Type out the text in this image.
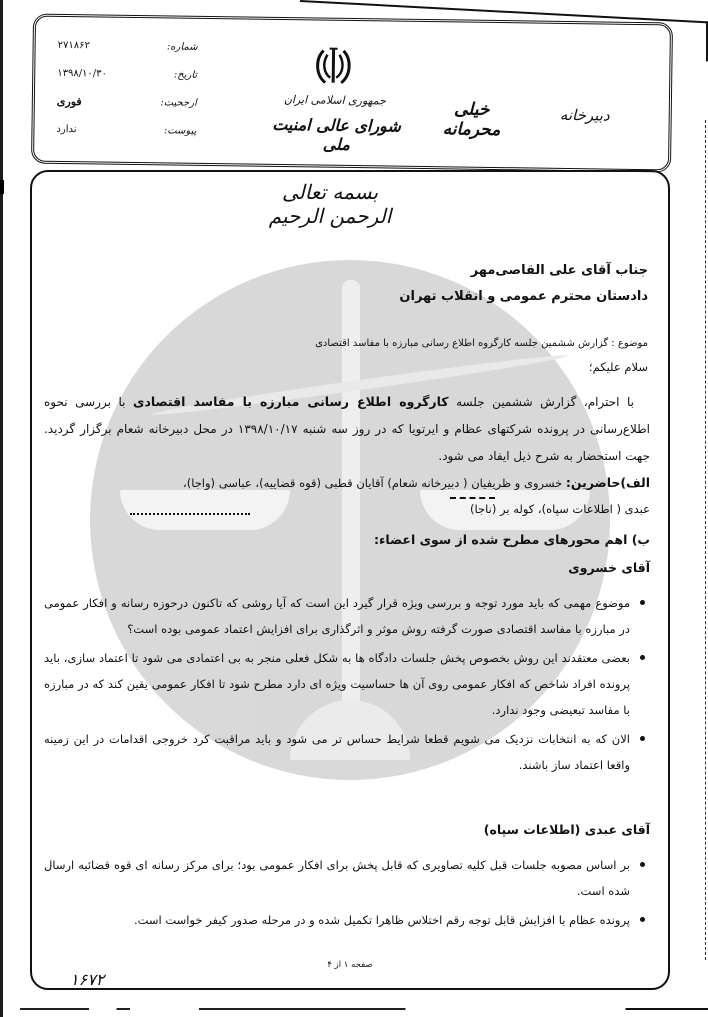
شماره:
۲۷۱۸۶۲
تاریخ:
۱۳۹۸/۱۰/۳۰
ارجحیت:
فوری
پیوست:
ندارد
جمهوری اسلامی ایران
شورای عالی امنیت ملی
خیلی محرمانه
دبیرخانه
بسمه تعالی الرحمن الرحیم
جناب آقای علی القاصی‌مهر
دادستان محترم عمومی و انقلاب تهران
موضوع : گزارش ششمین جلسه کارگروه اطلاع رسانی مبارزه با مفاسد اقتصادی
سلام علیکم؛
با احترام، گزارش ششمین جلسه کارگروه اطلاع رسانی مبارزه با مفاسد اقتصادی با بررسی نحوه اطلاع‌رسانی در پرونده شرکتهای عظام و ایرتویا که در روز سه شنبه ۱۳۹۸/۱۰/۱۷ در محل دبیرخانه شعام برگزار گردید. جهت استحضار به شرح ذیل ایفاد می شود.
الف)حاضرین: خسروی و ظریفیان ( دبیرخانه شعام) آقایان قطبی (قوه قضاییه)، عباسی (واجا)،
عبدی ( اطلاعات سپاه)، کوله بر (ناجا)
ب) اهم محورهای مطرح شده از سوی اعضاء:
آقای خسروی
موضوع مهمی که باید مورد توجه و بررسی ویژه قرار گیرد این است که آیا روشی که تاکنون درحوزه رسانه و افکار عمومی در مبارزه با مفاسد اقتصادی صورت گرفته روش موثر و اثرگذاری برای افزایش اعتماد عمومی بوده است؟
بعضی معتقدند این روش بخصوص پخش جلسات دادگاه ها به شکل فعلی منجر به بی اعتمادی می شود تا اعتماد سازی، باید پرونده افراد شاخص که افکار عمومی روی آن ها حساسیت ویژه ای دارد مطرح شود تا افکار عمومی یقین کند که در مبارزه با مفاسد تبعیضی وجود ندارد.
الان که به انتخابات نزدیک می شویم قطعا شرایط حساس تر می شود و باید مراقبت کرد خروجی اقدامات در این زمینه واقعا اعتماد ساز باشند.
آقای عبدی (اطلاعات سپاه)
بر اساس مصوبه جلسات قبل کلیه تصاویری که قابل پخش برای افکار عمومی بود؛ برای مرکز رسانه ای قوه قضائیه ارسال شده است.
پرونده عظام با افزایش قابل توجه رقم اختلاس ظاهرا تکمیل شده و در مرحله صدور کیفر خواست است.
صفحه ۱ از ۴
۱۶۷۲
